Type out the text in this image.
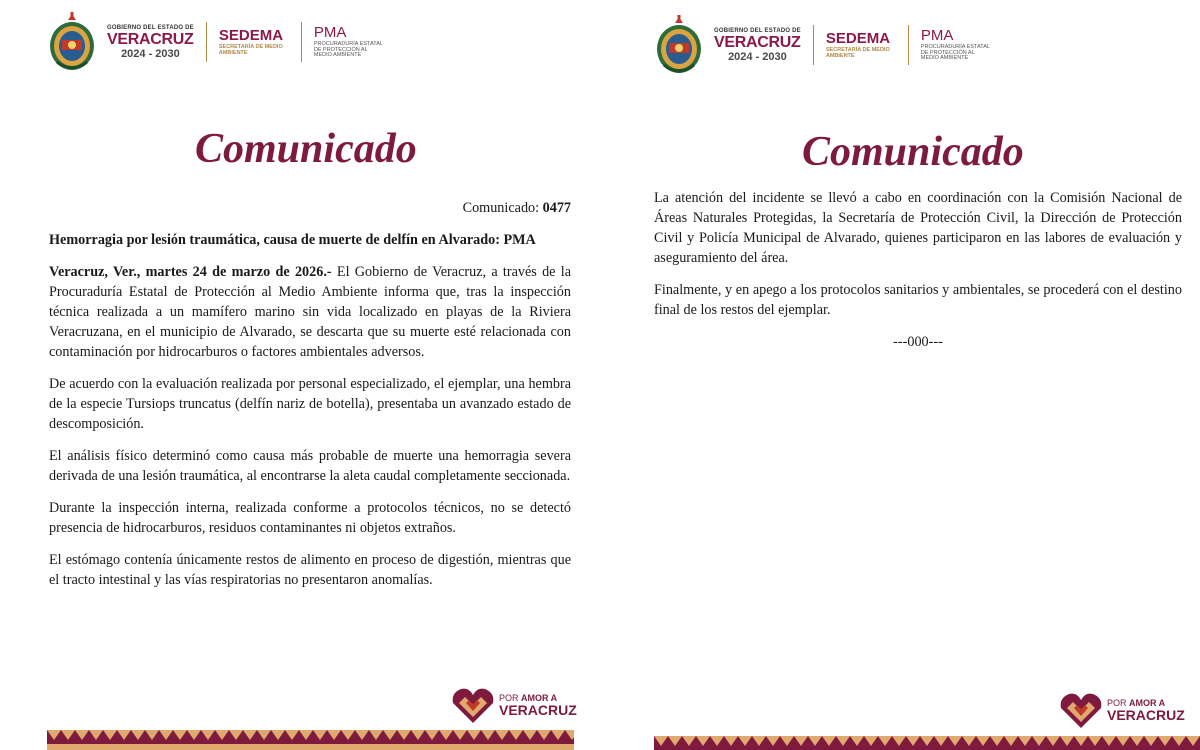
GOBIERNO DEL ESTADO DE
VERACRUZ
2024 - 2030
SEDEMA
SECRETARÍA DE MEDIO AMBIENTE
PMA
PROCURADURÍA ESTATAL DE PROTECCIÓN AL MEDIO AMBIENTE
Comunicado

Comunicado: 0477

Hemorragia por lesión traumática, causa de muerte de delfín en Alvarado: PMA

Veracruz, Ver., martes 24 de marzo de 2026.- El Gobierno de Veracruz, a través de la Procuraduría Estatal de Protección al Medio Ambiente informa que, tras la inspección técnica realizada a un mamífero marino sin vida localizado en playas de la Riviera Veracruzana, en el municipio de Alvarado, se descarta que su muerte esté relacionada con contaminación por hidrocarburos o factores ambientales adversos.

De acuerdo con la evaluación realizada por personal especializado, el ejemplar, una hembra de la especie Tursiops truncatus (delfín nariz de botella), presentaba un avanzado estado de descomposición.

El análisis físico determinó como causa más probable de muerte una hemorragia severa derivada de una lesión traumática, al encontrarse la aleta caudal completamente seccionada.

Durante la inspección interna, realizada conforme a protocolos técnicos, no se detectó presencia de hidrocarburos, residuos contaminantes ni objetos extraños.

El estómago contenía únicamente restos de alimento en proceso de digestión, mientras que el tracto intestinal y las vías respiratorias no presentaron anomalías.

POR AMOR A
VERACRUZ
GOBIERNO DEL ESTADO DE
VERACRUZ
2024 - 2030
SEDEMA
SECRETARÍA DE MEDIO AMBIENTE
PMA
PROCURADURÍA ESTATAL DE PROTECCIÓN AL MEDIO AMBIENTE
Comunicado

La atención del incidente se llevó a cabo en coordinación con la Comisión Nacional de Áreas Naturales Protegidas, la Secretaría de Protección Civil, la Dirección de Protección Civil y Policía Municipal de Alvarado, quienes participaron en las labores de evaluación y aseguramiento del área.

Finalmente, y en apego a los protocolos sanitarios y ambientales, se procederá con el destino final de los restos del ejemplar.

---000---

POR AMOR A
VERACRUZ
